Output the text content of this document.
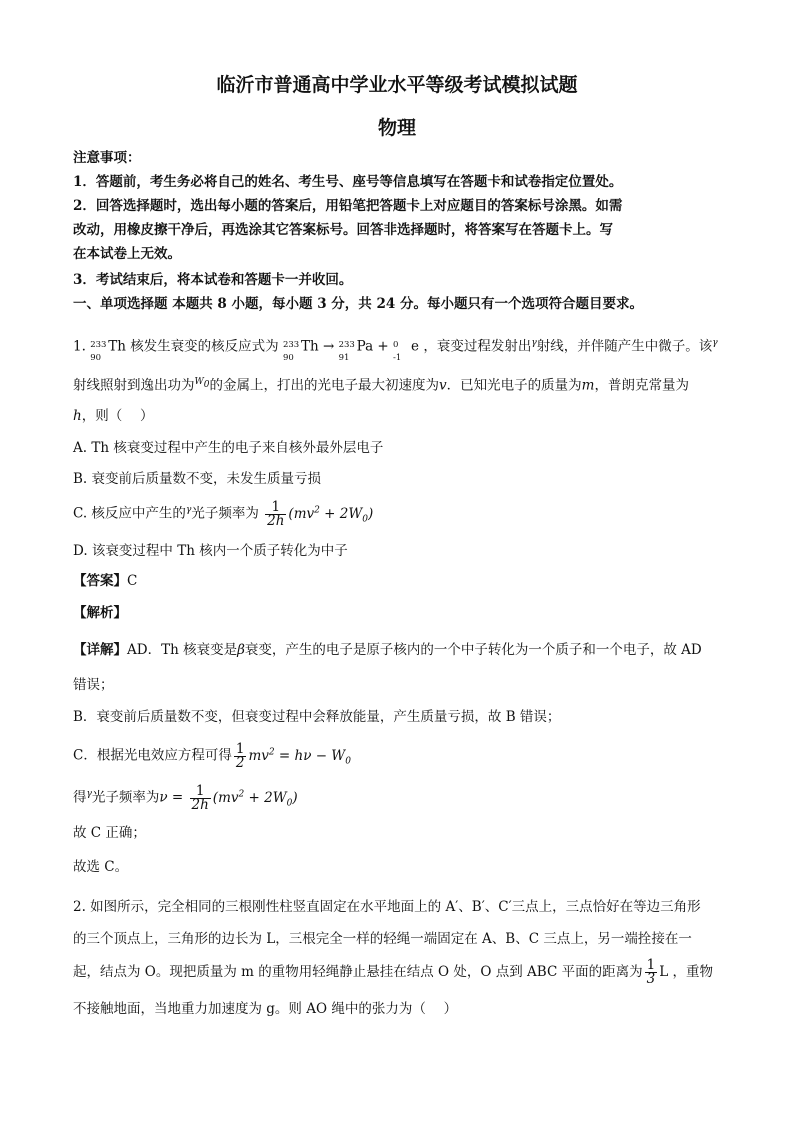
临沂市普通高中学业水平等级考试模拟试题
物理
注意事项：
1．答题前，考生务必将自己的姓名、考生号、座号等信息填写在答题卡和试卷指定位置处。
2．回答选择题时，选出每小题的答案后，用铅笔把答题卡上对应题目的答案标号涂黑。如需
改动，用橡皮擦干净后，再选涂其它答案标号。回答非选择题时，将答案写在答题卡上。写
在本试卷上无效。
3．考试结束后，将本试卷和答题卡一并收回。
一、单项选择题 本题共 8 小题，每小题 3 分，共 24 分。每小题只有一个选项符合题目要求。
1. 233
90
Th 核发生衰变的核反应式为 233
90
Th → 233
91
Pa + 0
-1
e ，衰变过程发射出$^\gamma$射线，并伴随产生中微子。该$^\gamma$
射线照射到逸出功为$^{W0}$的金属上，打出的光电子最大初速度为v．已知光电子的质量为m，普朗克常量为
h，则（　 ）
A. Th 核衰变过程中产生的电子来自核外最外层电子
B. 衰变前后质量数不变，未发生质量亏损
C. 核反应中产生的$^\gamma$光子频率为 $\frac{1}{2h} (mv^2 + 2W_0)$
D. 该衰变过程中 Th 核内一个质子转化为中子
【答案】C
【解析】
【详解】AD．Th 核衰变是β衰变，产生的电子是原子核内的一个中子转化为一个质子和一个电子，故 AD
错误；
B．衰变前后质量数不变，但衰变过程中会释放能量，产生质量亏损，故 B 错误；
C．根据光电效应方程可得 $\frac{1}{2} mv^2 = h\nu - W_0$
得$^\gamma$光子频率为$\nu = \frac{1}{2h} (mv^2 + 2W_0)$
故 C 正确；
故选 C。
2. 如图所示，完全相同的三根刚性柱竖直固定在水平地面上的 A′、B′、C′三点上，三点恰好在等边三角形
的三个顶点上，三角形的边长为 L，三根完全一样的轻绳一端固定在 A、B、C 三点上，另一端拴接在一
起，结点为 O。现把质量为 m 的重物用轻绳静止悬挂在结点 O 处，O 点到 ABC 平面的距离为 $\frac{1}{3}$ L ，重物
不接触地面，当地重力加速度为 g。则 AO 绳中的张力为（　 ）
